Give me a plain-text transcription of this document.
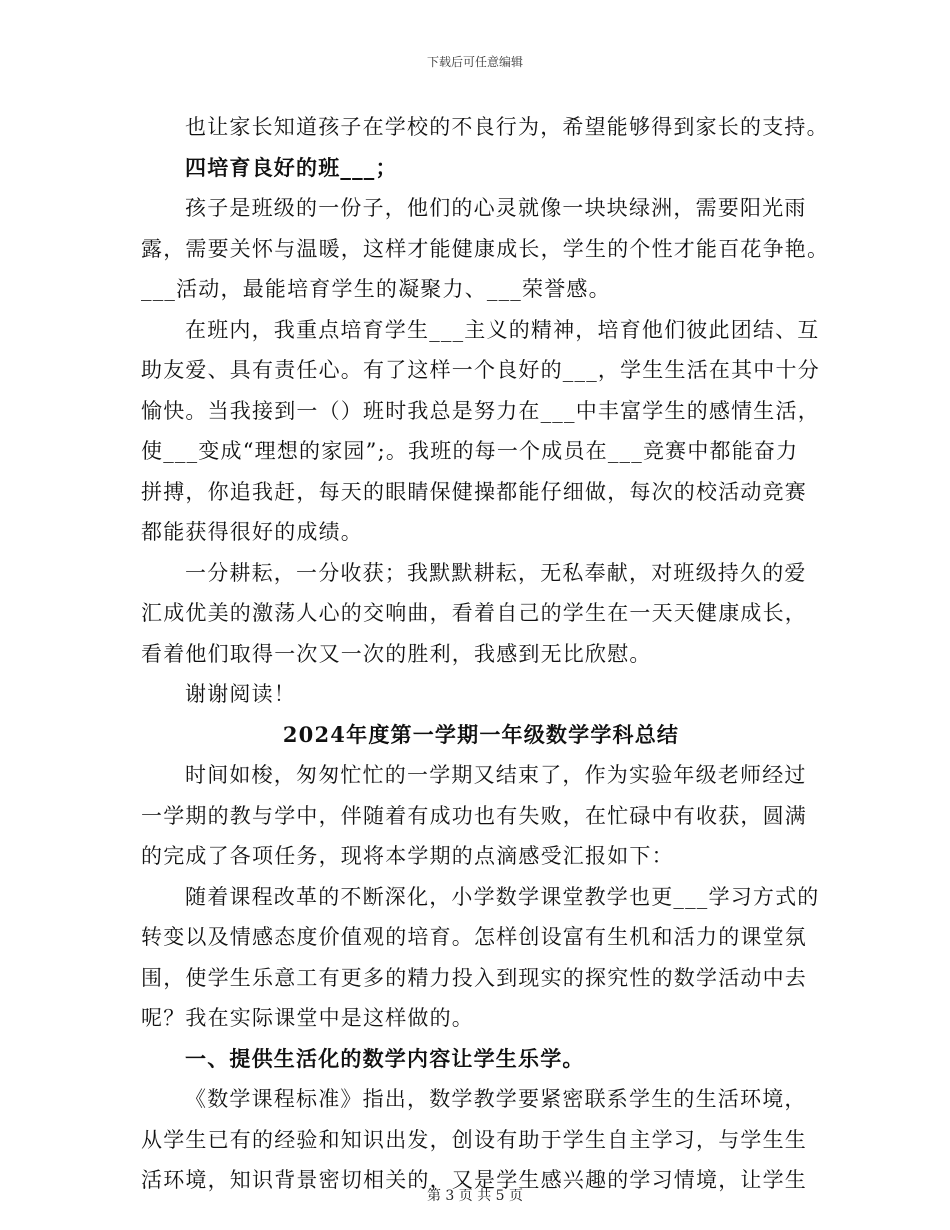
下载后可任意编辑
也让家长知道孩子在学校的不良行为，希望能够得到家长的支持。
四培育良好的班___；
孩子是班级的一份子，他们的心灵就像一块块绿洲，需要阳光雨
露，需要关怀与温暖，这样才能健康成长，学生的个性才能百花争艳。
___活动，最能培育学生的凝聚力、___荣誉感。
在班内，我重点培育学生___主义的精神，培育他们彼此团结、互
助友爱、具有责任心。有了这样一个良好的___，学生生活在其中十分
愉快。当我接到一（）班时我总是努力在___中丰富学生的感情生活，
使___变成“理想的家园”;。我班的每一个成员在___竞赛中都能奋力
拼搏，你追我赶，每天的眼睛保健操都能仔细做，每次的校活动竞赛
都能获得很好的成绩。
一分耕耘，一分收获；我默默耕耘，无私奉献，对班级持久的爱
汇成优美的激荡人心的交响曲，看着自己的学生在一天天健康成长，
看着他们取得一次又一次的胜利，我感到无比欣慰。
谢谢阅读！
2024年度第一学期一年级数学学科总结
时间如梭，匆匆忙忙的一学期又结束了，作为实验年级老师经过
一学期的教与学中，伴随着有成功也有失败，在忙碌中有收获，圆满
的完成了各项任务，现将本学期的点滴感受汇报如下：
随着课程改革的不断深化，小学数学课堂教学也更___学习方式的
转变以及情感态度价值观的培育。怎样创设富有生机和活力的课堂氛
围，使学生乐意工有更多的精力投入到现实的探究性的数学活动中去
呢？我在实际课堂中是这样做的。
一、提供生活化的数学内容让学生乐学。
《数学课程标准》指出，数学教学要紧密联系学生的生活环境，
从学生已有的经验和知识出发，创设有助于学生自主学习，与学生生
活环境，知识背景密切相关的，又是学生感兴趣的学习情境，让学生
第 3 页 共 5 页
